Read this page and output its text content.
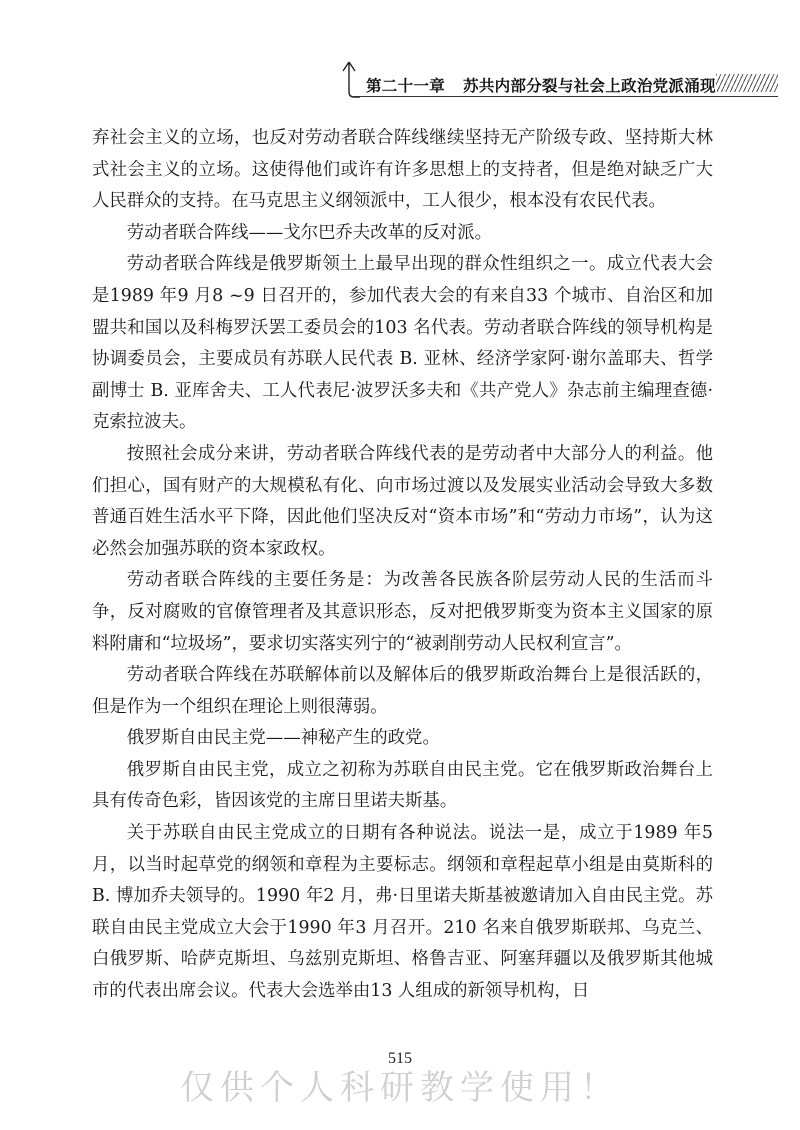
第二十一章 苏共内部分裂与社会上政治党派涌现

弃社会主义的立场，也反对劳动者联合阵线继续坚持无产阶级专政、坚持斯大林式社会主义的立场。这使得他们或许有许多思想上的支持者，但是绝对缺乏广大人民群众的支持。在马克思主义纲领派中，工人很少，根本没有农民代表。

劳动者联合阵线——戈尔巴乔夫改革的反对派。

劳动者联合阵线是俄罗斯领土上最早出现的群众性组织之一。成立代表大会是1989 年9 月8 ~9 日召开的，参加代表大会的有来自33 个城市、自治区和加盟共和国以及科梅罗沃罢工委员会的103 名代表。劳动者联合阵线的领导机构是协调委员会，主要成员有苏联人民代表 B. 亚林、经济学家阿·谢尔盖耶夫、哲学副博士 B. 亚库舍夫、工人代表尼·波罗沃多夫和《共产党人》杂志前主编理查德·克索拉波夫。

按照社会成分来讲，劳动者联合阵线代表的是劳动者中大部分人的利益。他们担心，国有财产的大规模私有化、向市场过渡以及发展实业活动会导致大多数普通百姓生活水平下降，因此他们坚决反对“资本市场”和“劳动力市场”，认为这必然会加强苏联的资本家政权。

劳动者联合阵线的主要任务是：为改善各民族各阶层劳动人民的生活而斗争，反对腐败的官僚管理者及其意识形态，反对把俄罗斯变为资本主义国家的原料附庸和“垃圾场”，要求切实落实列宁的“被剥削劳动人民权利宣言”。

劳动者联合阵线在苏联解体前以及解体后的俄罗斯政治舞台上是很活跃的，但是作为一个组织在理论上则很薄弱。

俄罗斯自由民主党——神秘产生的政党。

俄罗斯自由民主党，成立之初称为苏联自由民主党。它在俄罗斯政治舞台上具有传奇色彩，皆因该党的主席日里诺夫斯基。

关于苏联自由民主党成立的日期有各种说法。说法一是，成立于1989 年5 月，以当时起草党的纲领和章程为主要标志。纲领和章程起草小组是由莫斯科的 B. 博加乔夫领导的。1990 年2 月，弗·日里诺夫斯基被邀请加入自由民主党。苏联自由民主党成立大会于1990 年3 月召开。210 名来自俄罗斯联邦、乌克兰、白俄罗斯、哈萨克斯坦、乌兹别克斯坦、格鲁吉亚、阿塞拜疆以及俄罗斯其他城市的代表出席会议。代表大会选举由13 人组成的新领导机构，日

515
仅供个人科研教学使用！
